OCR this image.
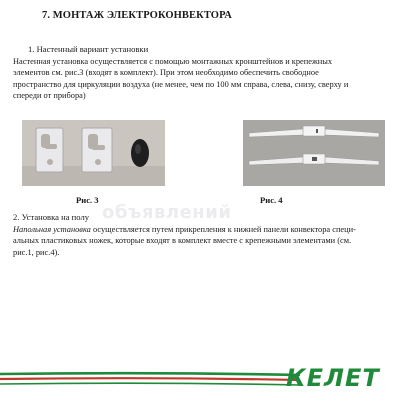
7. МОНТАЖ ЭЛЕКТРОКОНВЕКТОРА
1. Настенный вариант установки
Настенная установка осуществляется с помощью монтажных кронштейнов и крепежных
элементов см. рис.3 (входят в комплект). При этом необходимо обеспечить свободное
пространство для циркуляции воздуха (не менее, чем по 100 мм справа, слева, снизу, сверху и
спереди от прибора)
Рис. 3	Рис. 4
объявлений
2. Установка на полу
Напольная установка осуществляется путем прикрепления к нижней панели конвектора специ-
альных пластиковых ножек, которые входят в комплект вместе с крепежными элементами (см.
рис.1, рис.4).
КЕЛЕТ
